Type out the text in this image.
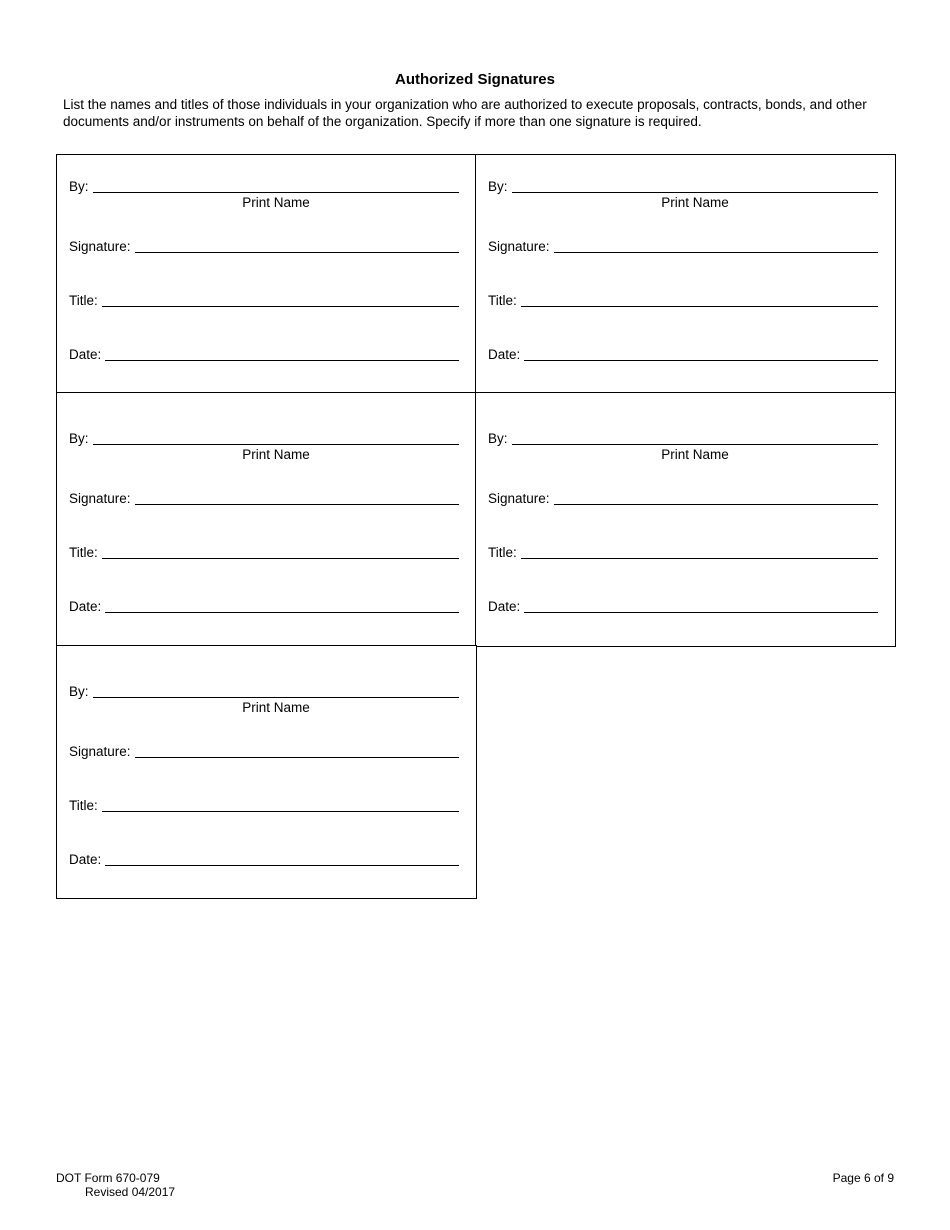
Authorized Signatures
List the names and titles of those individuals in your organization who are authorized to execute proposals, contracts, bonds, and other documents and/or instruments on behalf of the organization. Specify if more than one signature is required.
By:
Print Name
Signature:
Title:
Date:
By:
Print Name
Signature:
Title:
Date:
By:
Print Name
Signature:
Title:
Date:
By:
Print Name
Signature:
Title:
Date:
By:
Print Name
Signature:
Title:
Date:
DOT Form 670-079
Revised 04/2017
Page 6 of 9
